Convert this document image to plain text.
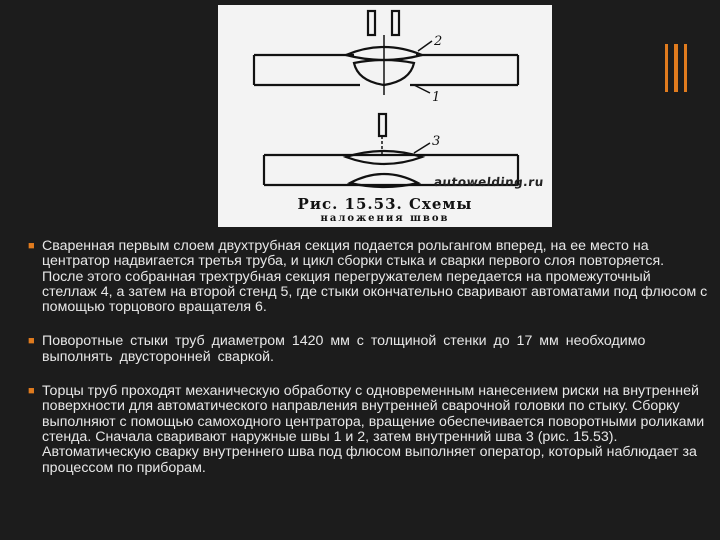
2
1
3
autowelding.ru
Рис. 15.53. Схемы
наложения швов

■ Сваренная первым слоем двухтрубная секция подается рольгангом вперед, на ее место на центратор надвигается третья труба, и цикл сборки стыка и сварки первого слоя повторяется. После этого собранная трехтрубная секция перегружателем передается на промежуточный стеллаж 4, а затем на второй стенд 5, где стыки окончательно сваривают автоматами под флюсом с помощью торцового вращателя 6.

■ Поворотные стыки труб диаметром 1420 мм с толщиной стенки до 17 мм необходимо выполнять двусторонней сваркой.

■ Торцы труб проходят механическую обработку с одновременным нанесением риски на внутренней поверхности для автоматического направления внутренней сварочной головки по стыку. Сборку выполняют с помощью самоходного центратора, вращение обеспечивается поворотными роликами стенда. Сначала сваривают наружные швы 1 и 2, затем внутренний шва 3 (рис. 15.53). Автоматическую сварку внутреннего шва под флюсом выполняет оператор, который наблюдает за процессом по приборам.
